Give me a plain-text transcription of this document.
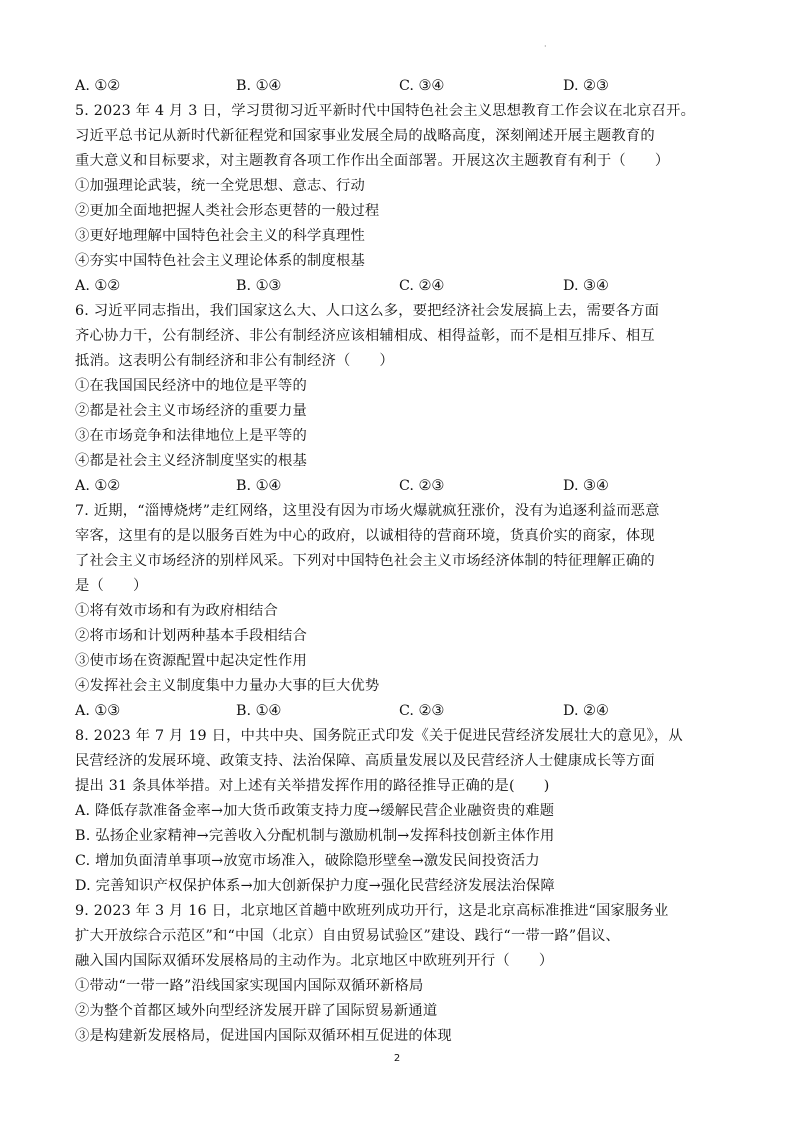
·
A. ①②	B. ①④	C. ③④	D. ②③
5. 2023 年 4 月 3 日，学习贯彻习近平新时代中国特色社会主义思想教育工作会议在北京召开。
习近平总书记从新时代新征程党和国家事业发展全局的战略高度，深刻阐述开展主题教育的
重大意义和目标要求，对主题教育各项工作作出全面部署。开展这次主题教育有利于（　　）
①加强理论武装，统一全党思想、意志、行动
②更加全面地把握人类社会形态更替的一般过程
③更好地理解中国特色社会主义的科学真理性
④夯实中国特色社会主义理论体系的制度根基
A. ①②	B. ①③	C. ②④	D. ③④
6. 习近平同志指出，我们国家这么大、人口这么多，要把经济社会发展搞上去，需要各方面
齐心协力干，公有制经济、非公有制经济应该相辅相成、相得益彰，而不是相互排斥、相互
抵消。这表明公有制经济和非公有制经济（　　）
①在我国国民经济中的地位是平等的
②都是社会主义市场经济的重要力量
③在市场竞争和法律地位上是平等的
④都是社会主义经济制度坚实的根基
A. ①②	B. ①④	C. ②③	D. ③④
7. 近期，“淄博烧烤”走红网络，这里没有因为市场火爆就疯狂涨价，没有为追逐利益而恶意
宰客，这里有的是以服务百姓为中心的政府，以诚相待的营商环境，货真价实的商家，体现
了社会主义市场经济的别样风采。下列对中国特色社会主义市场经济体制的特征理解正确的
是（　　）
①将有效市场和有为政府相结合
②将市场和计划两种基本手段相结合
③使市场在资源配置中起决定性作用
④发挥社会主义制度集中力量办大事的巨大优势
A. ①③	B. ①④	C. ②③	D. ②④
8. 2023 年 7 月 19 日，中共中央、国务院正式印发《关于促进民营经济发展壮大的意见》，从
民营经济的发展环境、政策支持、法治保障、高质量发展以及民营经济人士健康成长等方面
提出 31 条具体举措。对上述有关举措发挥作用的路径推导正确的是(　　)
A. 降低存款准备金率→加大货币政策支持力度→缓解民营企业融资贵的难题
B. 弘扬企业家精神→完善收入分配机制与激励机制→发挥科技创新主体作用
C. 增加负面清单事项→放宽市场准入，破除隐形壁垒→激发民间投资活力
D. 完善知识产权保护体系→加大创新保护力度→强化民营经济发展法治保障
9. 2023 年 3 月 16 日，北京地区首趟中欧班列成功开行，这是北京高标准推进“国家服务业
扩大开放综合示范区”和“中国（北京）自由贸易试验区”建设、践行“一带一路”倡议、
融入国内国际双循环发展格局的主动作为。北京地区中欧班列开行（　　）
①带动“一带一路”沿线国家实现国内国际双循环新格局
②为整个首都区域外向型经济发展开辟了国际贸易新通道
③是构建新发展格局，促进国内国际双循环相互促进的体现
2
